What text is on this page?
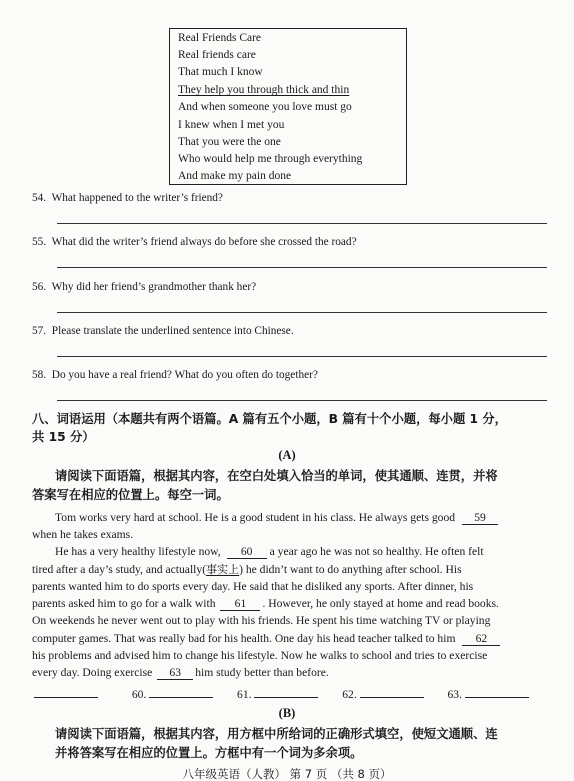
Real Friends Care
Real friends care
That much I know
They help you through thick and thin
And when someone you love must go
I knew when I met you
That you were the one
Who would help me through everything
And make my pain done
54. What happened to the writer’s friend?
55. What did the writer’s friend always do before she crossed the road?
56. Why did her friend’s grandmother thank her?
57. Please translate the underlined sentence into Chinese.
58. Do you have a real friend? What do you often do together?
八、词语运用（本题共有两个语篇。A 篇有五个小题，B 篇有十个小题，每小题 1 分，
共 15 分）
(A)
请阅读下面语篇，根据其内容，在空白处填入恰当的单词，使其通顺、连贯，并将
答案写在相应的位置上。每空一词。
Tom works very hard at school. He is a good student in his class. He always gets good 59
when he takes exams.
He has a very healthy lifestyle now, 60 a year ago he was not so healthy. He often felt
tired after a day’s study, and actually(事实上) he didn’t want to do anything after school. His
parents wanted him to do sports every day. He said that he disliked any sports. After dinner, his
parents asked him to go for a walk with 61 . However, he only stayed at home and read books.
On weekends he never went out to play with his friends. He spent his time watching TV or playing
computer games. That was really bad for his health. One day his head teacher talked to him 62
his problems and advised him to change his lifestyle. Now he walks to school and tries to exercise
every day. Doing exercise 63 him study better than before.
60.	61.	62.	63.
(B)
请阅读下面语篇，根据其内容，用方框中所给词的正确形式填空，使短文通顺、连
并将答案写在相应的位置上。方框中有一个词为多余项。
八年级英语（人教） 第 7 页 （共 8 页）
